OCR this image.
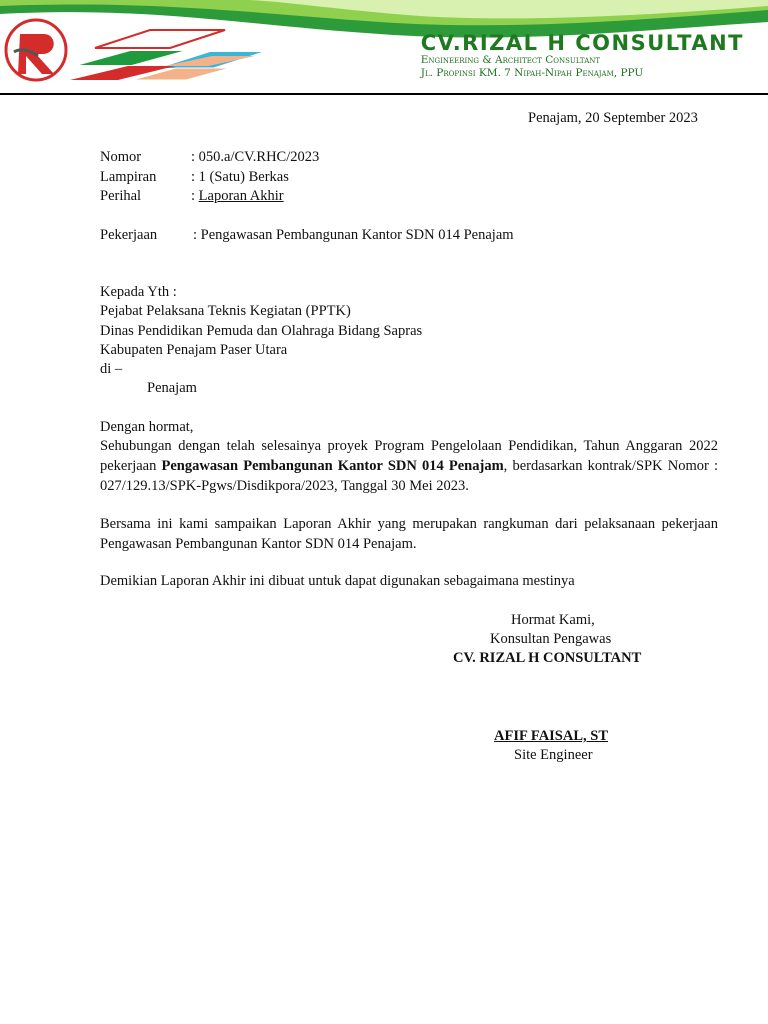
CV.RIZAL H CONSULTANT
Engineering & Architect Consultant
Jl. Propinsi KM. 7 Nipah-Nipah Penajam, PPU
Penajam, 20 September 2023
Nomor	: 050.a/CV.RHC/2023
Lampiran : 1 (Satu) Berkas
Perihal	: Laporan Akhir
Pekerjaan : Pengawasan Pembangunan Kantor SDN 014 Penajam
Kepada Yth :
Pejabat Pelaksana Teknis Kegiatan (PPTK)
Dinas Pendidikan Pemuda dan Olahraga Bidang Sapras
Kabupaten Penajam Paser Utara
di –
Penajam
Dengan hormat,
Sehubungan dengan telah selesainya proyek Program Pengelolaan Pendidikan, Tahun Anggaran 2022 pekerjaan Pengawasan Pembangunan Kantor SDN 014 Penajam, berdasarkan kontrak/SPK Nomor : 027/129.13/SPK-Pgws/Disdikpora/2023, Tanggal 30 Mei 2023.
Bersama ini kami sampaikan Laporan Akhir yang merupakan rangkuman dari pelaksanaan pekerjaan Pengawasan Pembangunan Kantor SDN 014 Penajam.
Demikian Laporan Akhir ini dibuat untuk dapat digunakan sebagaimana mestinya
Hormat Kami,
Konsultan Pengawas
CV. RIZAL H CONSULTANT
AFIF FAISAL, ST
Site Engineer
